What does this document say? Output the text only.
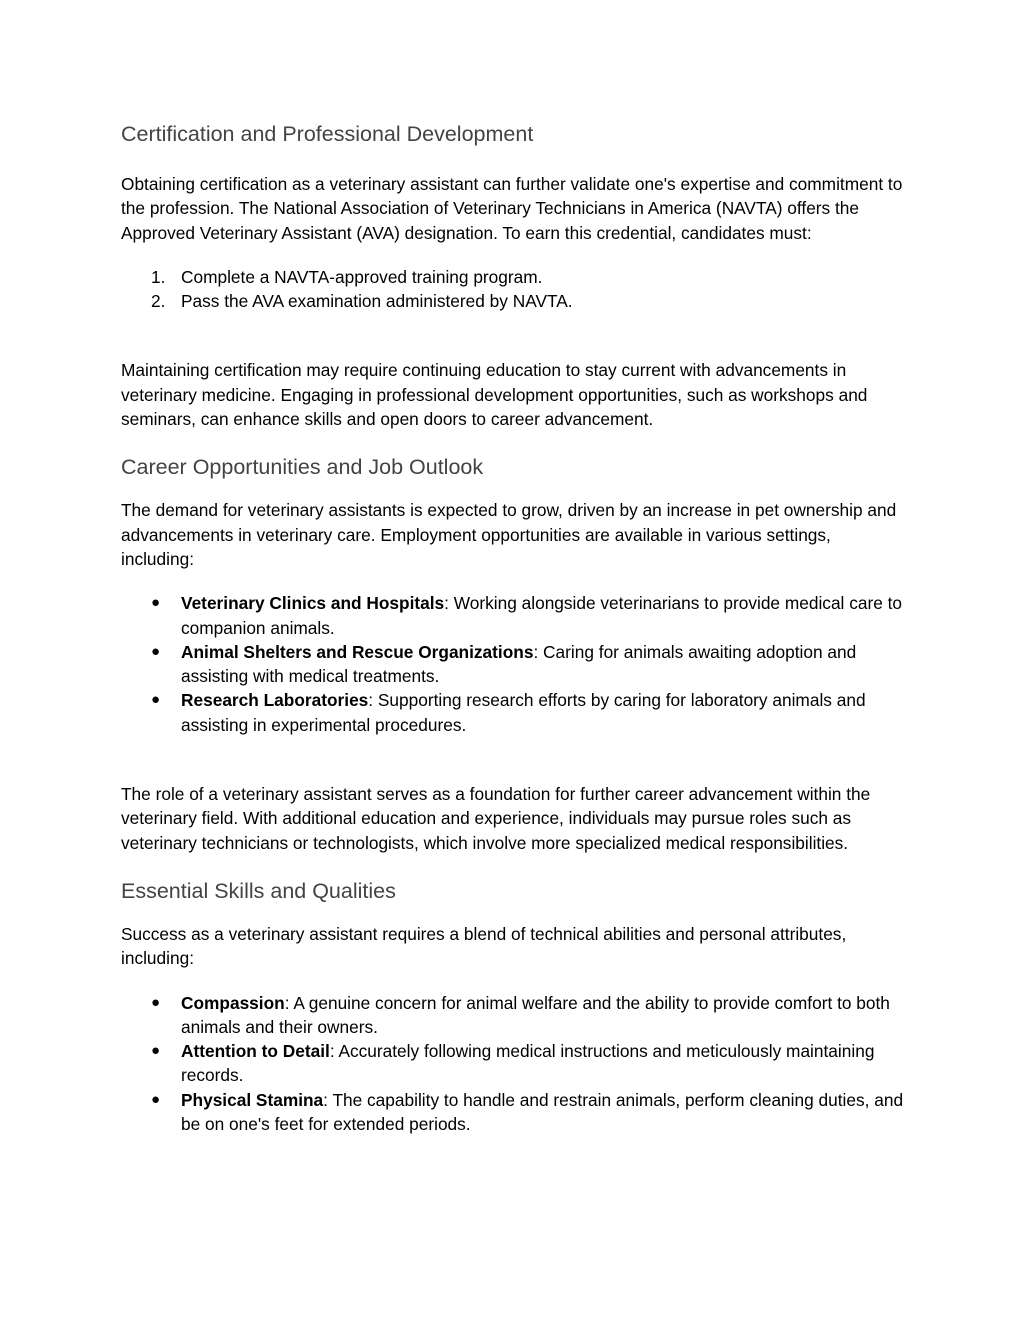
Certification and Professional Development

Obtaining certification as a veterinary assistant can further validate one's expertise and commitment to the profession. The National Association of Veterinary Technicians in America (NAVTA) offers the Approved Veterinary Assistant (AVA) designation. To earn this credential, candidates must:

1. Complete a NAVTA-approved training program.
2. Pass the AVA examination administered by NAVTA.

Maintaining certification may require continuing education to stay current with advancements in veterinary medicine. Engaging in professional development opportunities, such as workshops and seminars, can enhance skills and open doors to career advancement.

Career Opportunities and Job Outlook

The demand for veterinary assistants is expected to grow, driven by an increase in pet ownership and advancements in veterinary care. Employment opportunities are available in various settings, including:

● Veterinary Clinics and Hospitals: Working alongside veterinarians to provide medical care to companion animals.
● Animal Shelters and Rescue Organizations: Caring for animals awaiting adoption and assisting with medical treatments.
● Research Laboratories: Supporting research efforts by caring for laboratory animals and assisting in experimental procedures.

The role of a veterinary assistant serves as a foundation for further career advancement within the veterinary field. With additional education and experience, individuals may pursue roles such as veterinary technicians or technologists, which involve more specialized medical responsibilities.

Essential Skills and Qualities

Success as a veterinary assistant requires a blend of technical abilities and personal attributes, including:

● Compassion: A genuine concern for animal welfare and the ability to provide comfort to both animals and their owners.
● Attention to Detail: Accurately following medical instructions and meticulously maintaining records.
● Physical Stamina: The capability to handle and restrain animals, perform cleaning duties, and be on one's feet for extended periods.
